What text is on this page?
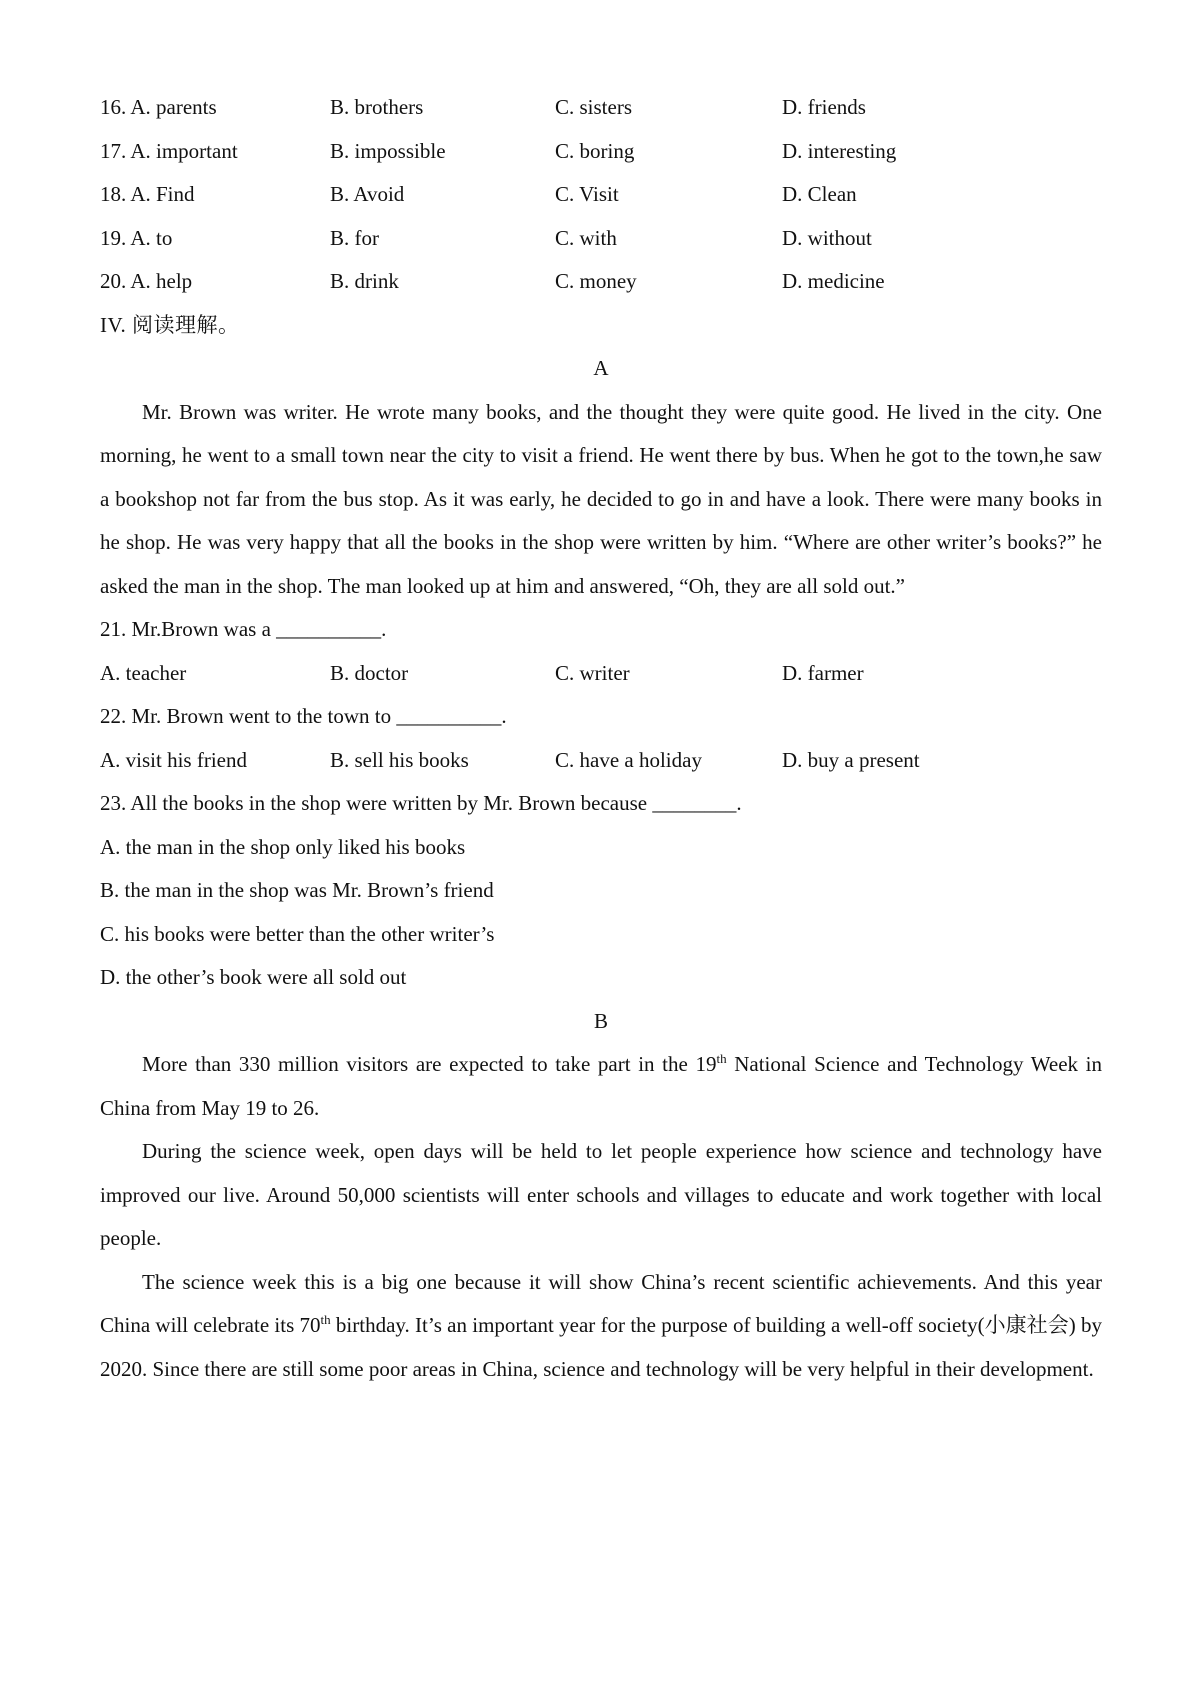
16. A. parents	B. brothers	C. sisters	D. friends
17. A. important	B. impossible	C. boring	D. interesting
18. A. Find	B. Avoid	C. Visit	D. Clean
19. A. to	B. for	C. with	D. without
20. A. help	B. drink	C. money	D. medicine
IV. 阅读理解。
A

Mr. Brown was writer. He wrote many books, and the thought they were quite good. He lived in the city. One morning, he went to a small town near the city to visit a friend. He went there by bus. When he got to the town,he saw a bookshop not far from the bus stop. As it was early, he decided to go in and have a look. There were many books in he shop. He was very happy that all the books in the shop were written by him. “Where are other writer’s books?” he asked the man in the shop. The man looked up at him and answered, “Oh, they are all sold out.”

21. Mr.Brown was a __________.
A. teacher	B. doctor	C. writer	D. farmer
22. Mr. Brown went to the town to __________.
A. visit his friend	B. sell his books	C. have a holiday	D. buy a present
23. All the books in the shop were written by Mr. Brown because ________.
A. the man in the shop only liked his books
B. the man in the shop was Mr. Brown’s friend
C. his books were better than the other writer’s
D. the other’s book were all sold out
B

More than 330 million visitors are expected to take part in the 19th National Science and Technology Week in China from May 19 to 26.

During the science week, open days will be held to let people experience how science and technology have improved our live. Around 50,000 scientists will enter schools and villages to educate and work together with local people.

The science week this is a big one because it will show China’s recent scientific achievements. And this year China will celebrate its 70th birthday. It’s an important year for the purpose of building a well-off society(小康社会) by 2020. Since there are still some poor areas in China, science and technology will be very helpful in their development.
